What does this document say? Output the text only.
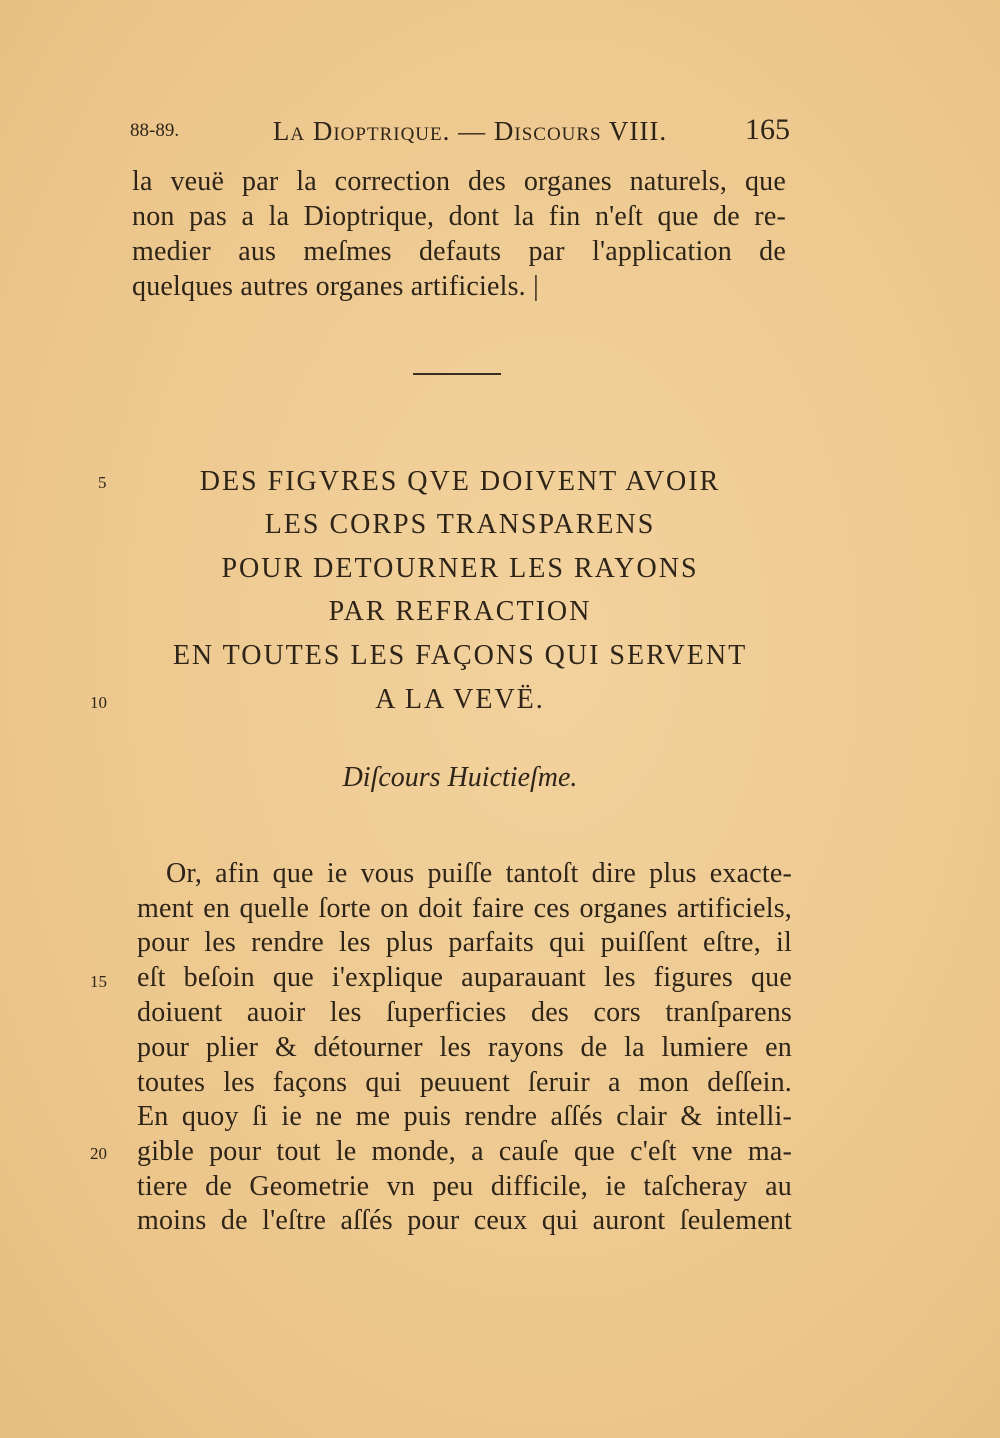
88-89.	La Dioptrique. — Discours VIII.	165
la veuë par la correction des organes naturels, que
non pas a la Dioptrique, dont la fin n'eſt que de re-
medier aus meſmes defauts par l'application de
quelques autres organes artificiels. |
5
10
15
20
DES FIGVRES QVE DOIVENT AVOIR
LES CORPS TRANSPARENS
POUR DETOURNER LES RAYONS
PAR REFRACTION
EN TOUTES LES FAÇONS QUI SERVENT
A LA VEVË.
Diſcours Huictieſme.
Or, afin que ie vous puiſſe tantoſt dire plus exacte-
ment en quelle ſorte on doit faire ces organes artificiels,
pour les rendre les plus parfaits qui puiſſent eſtre, il
eſt beſoin que i'explique auparauant les figures que
doiuent auoir les ſuperficies des cors tranſparens
pour plier & détourner les rayons de la lumiere en
toutes les façons qui peuuent ſeruir a mon deſſein.
En quoy ſi ie ne me puis rendre aſſés clair & intelli-
gible pour tout le monde, a cauſe que c'eſt vne ma-
tiere de Geometrie vn peu difficile, ie taſcheray au
moins de l'eſtre aſſés pour ceux qui auront ſeulement
